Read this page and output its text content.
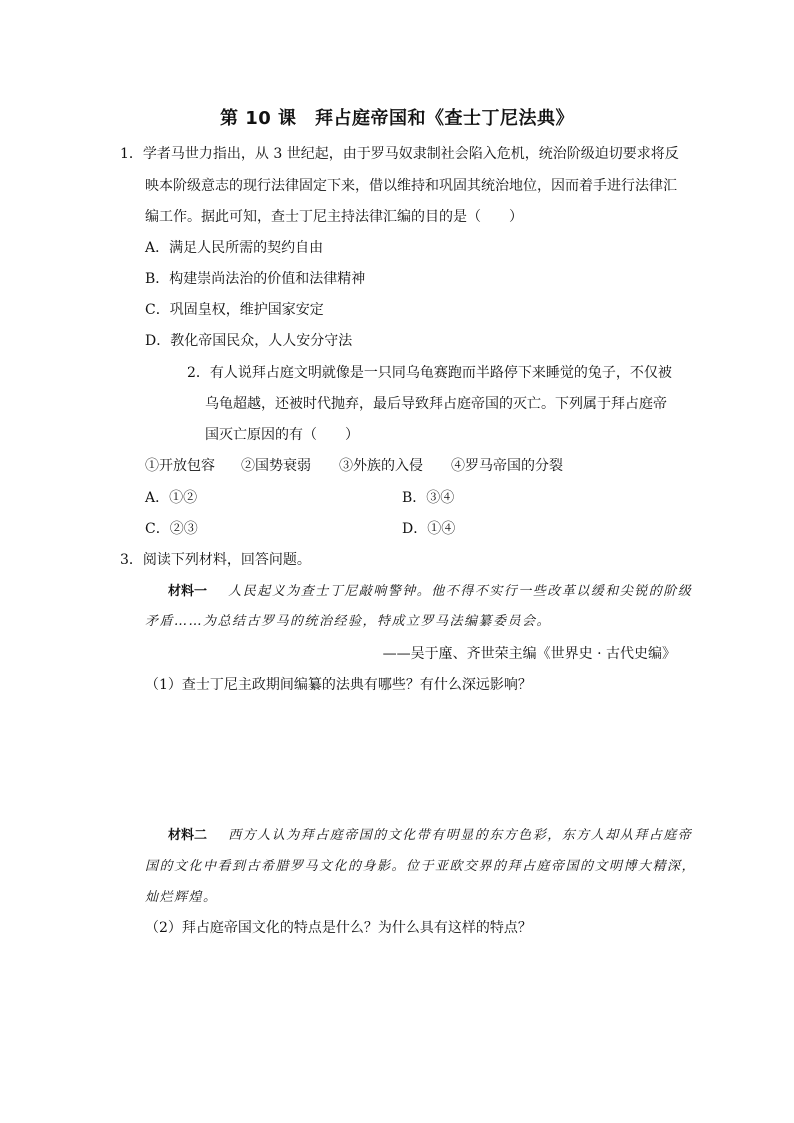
第 10 课　拜占庭帝国和《查士丁尼法典》
1．学者马世力指出，从 3 世纪起，由于罗马奴隶制社会陷入危机，统治阶级迫切要求将反
映本阶级意志的现行法律固定下来，借以维持和巩固其统治地位，因而着手进行法律汇
编工作。据此可知，查士丁尼主持法律汇编的目的是（　　）
A．满足人民所需的契约自由
B．构建崇尚法治的价值和法律精神
C．巩固皇权，维护国家安定
D．教化帝国民众，人人安分守法
2．有人说拜占庭文明就像是一只同乌龟赛跑而半路停下来睡觉的兔子，不仅被
乌龟超越，还被时代抛弃，最后导致拜占庭帝国的灭亡。下列属于拜占庭帝
国灭亡原因的有（　　）
①开放包容 ②国势衰弱 ③外族的入侵 ④罗马帝国的分裂
A．①②	B．③④
C．②③	D．①④
3．阅读下列材料，回答问题。
材料一 人民起义为查士丁尼敲响警钟。他不得不实行一些改革以缓和尖锐的阶级
矛盾……为总结古罗马的统治经验，特成立罗马法编纂委员会。
——吴于廑、齐世荣主编《世界史 · 古代史编》
（1）查士丁尼主政期间编纂的法典有哪些？有什么深远影响？
材料二 西方人认为拜占庭帝国的文化带有明显的东方色彩，东方人却从拜占庭帝
国的文化中看到古希腊罗马文化的身影。位于亚欧交界的拜占庭帝国的文明博大精深，
灿烂辉煌。
（2）拜占庭帝国文化的特点是什么？为什么具有这样的特点？
